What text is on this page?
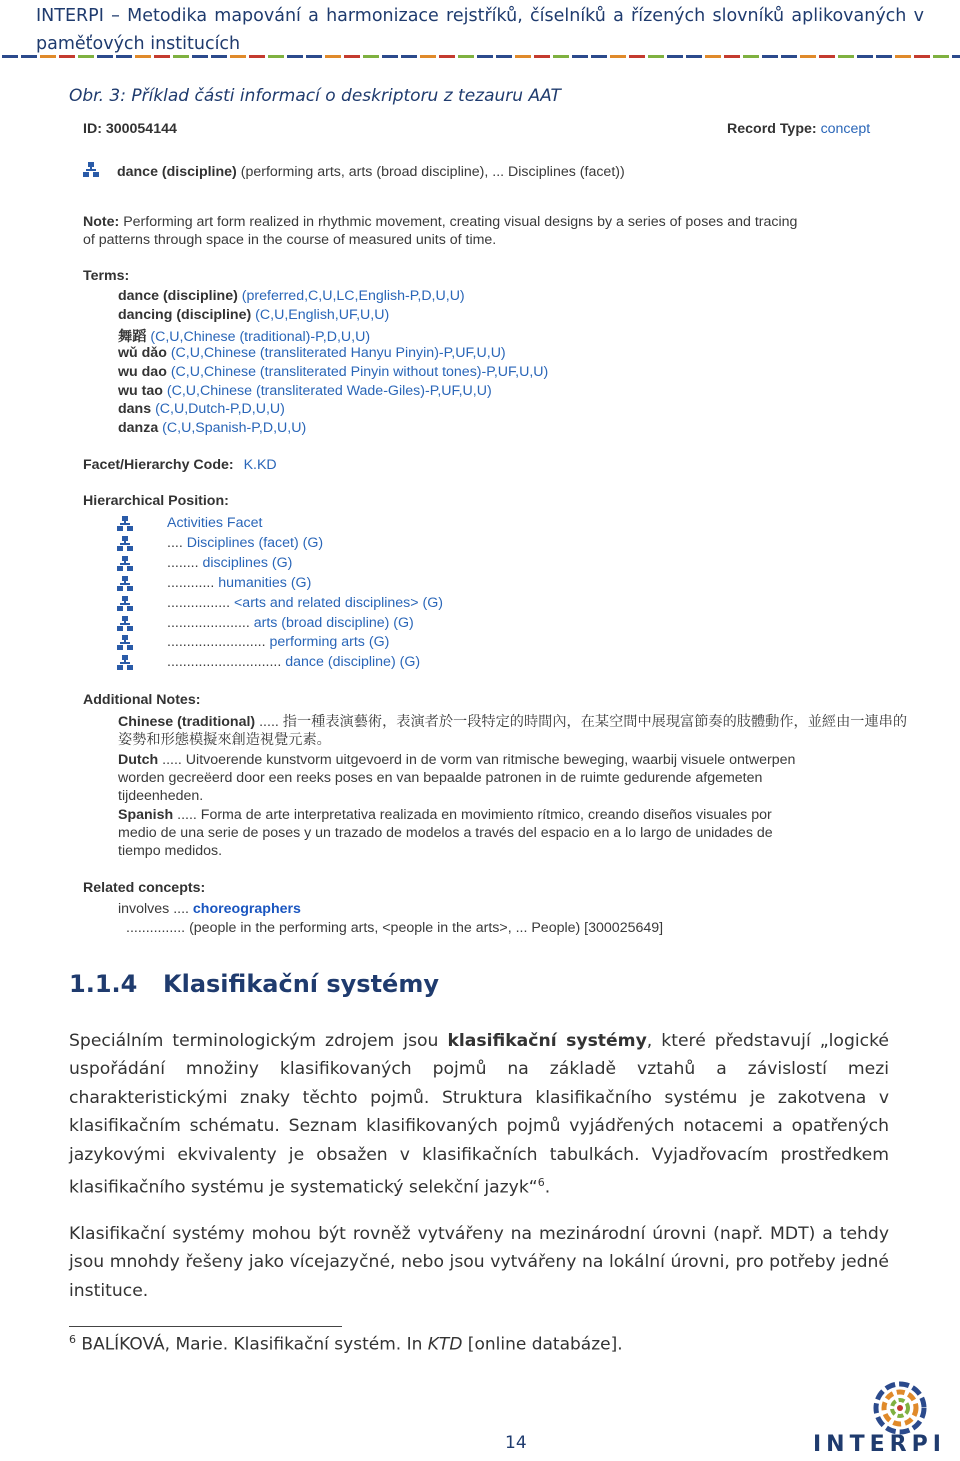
INTERPI – Metodika mapování a harmonizace rejstříků, číselníků a řízených slovníků aplikovaných v paměťových institucích
Obr. 3: Příklad části informací o deskriptoru z tezauru AAT
ID: 300054144	Record Type: concept
dance (discipline) (performing arts, arts (broad discipline), ... Disciplines (facet))
Note: Performing art form realized in rhythmic movement, creating visual designs by a series of poses and tracing
of patterns through space in the course of measured units of time.
Terms:
dance (discipline) (preferred,C,U,LC,English-P,D,U,U)
dancing (discipline) (C,U,English,UF,U,U)
舞蹈 (C,U,Chinese (traditional)-P,D,U,U)
wǔ dǎo (C,U,Chinese (transliterated Hanyu Pinyin)-P,UF,U,U)
wu dao (C,U,Chinese (transliterated Pinyin without tones)-P,UF,U,U)
wu tao (C,U,Chinese (transliterated Wade-Giles)-P,UF,U,U)
dans (C,U,Dutch-P,D,U,U)
danza (C,U,Spanish-P,D,U,U)
Facet/Hierarchy Code: K.KD
Hierarchical Position:
Activities Facet
.... Disciplines (facet) (G)
........ disciplines (G)
............ humanities (G)
................ <arts and related disciplines> (G)
..................... arts (broad discipline) (G)
......................... performing arts (G)
............................. dance (discipline) (G)
Additional Notes:
Chinese (traditional) ..... 指一種表演藝術，表演者於一段特定的時間內，在某空間中展現富節奏的肢體動作，並經由一連串的
姿勢和形態模擬來創造視覺元素。
Dutch ..... Uitvoerende kunstvorm uitgevoerd in de vorm van ritmische beweging, waarbij visuele ontwerpen
worden gecreëerd door een reeks poses en van bepaalde patronen in de ruimte gedurende afgemeten
tijdeenheden.
Spanish ..... Forma de arte interpretativa realizada en movimiento rítmico, creando diseños visuales por
medio de una serie de poses y un trazado de modelos a través del espacio en a lo largo de unidades de
tiempo medidos.
Related concepts:
involves .... choreographers
............... (people in the performing arts, <people in the arts>, ... People) [300025649]
1.1.4 Klasifikační systémy
Speciálním terminologickým zdrojem jsou klasifikační systémy, které představují „logické uspořádání množiny klasifikovaných pojmů na základě vztahů a závislostí mezi charakteristickými znaky těchto pojmů. Struktura klasifikačního systému je zakotvena v klasifikačním schématu. Seznam klasifikovaných pojmů vyjádřených notacemi a opatřených jazykovými ekvivalenty je obsažen v klasifikačních tabulkách. Vyjadřovacím prostředkem klasifikačního systému je systematický selekční jazyk“$^6$.
Klasifikační systémy mohou být rovněž vytvářeny na mezinárodní úrovni (např. MDT) a tehdy jsou mnohdy řešeny jako vícejazyčné, nebo jsou vytvářeny na lokální úrovni, pro potřeby jedné instituce.
$^6$ BALÍKOVÁ, Marie. Klasifikační systém. In KTD [online databáze].
14	INTERPI
